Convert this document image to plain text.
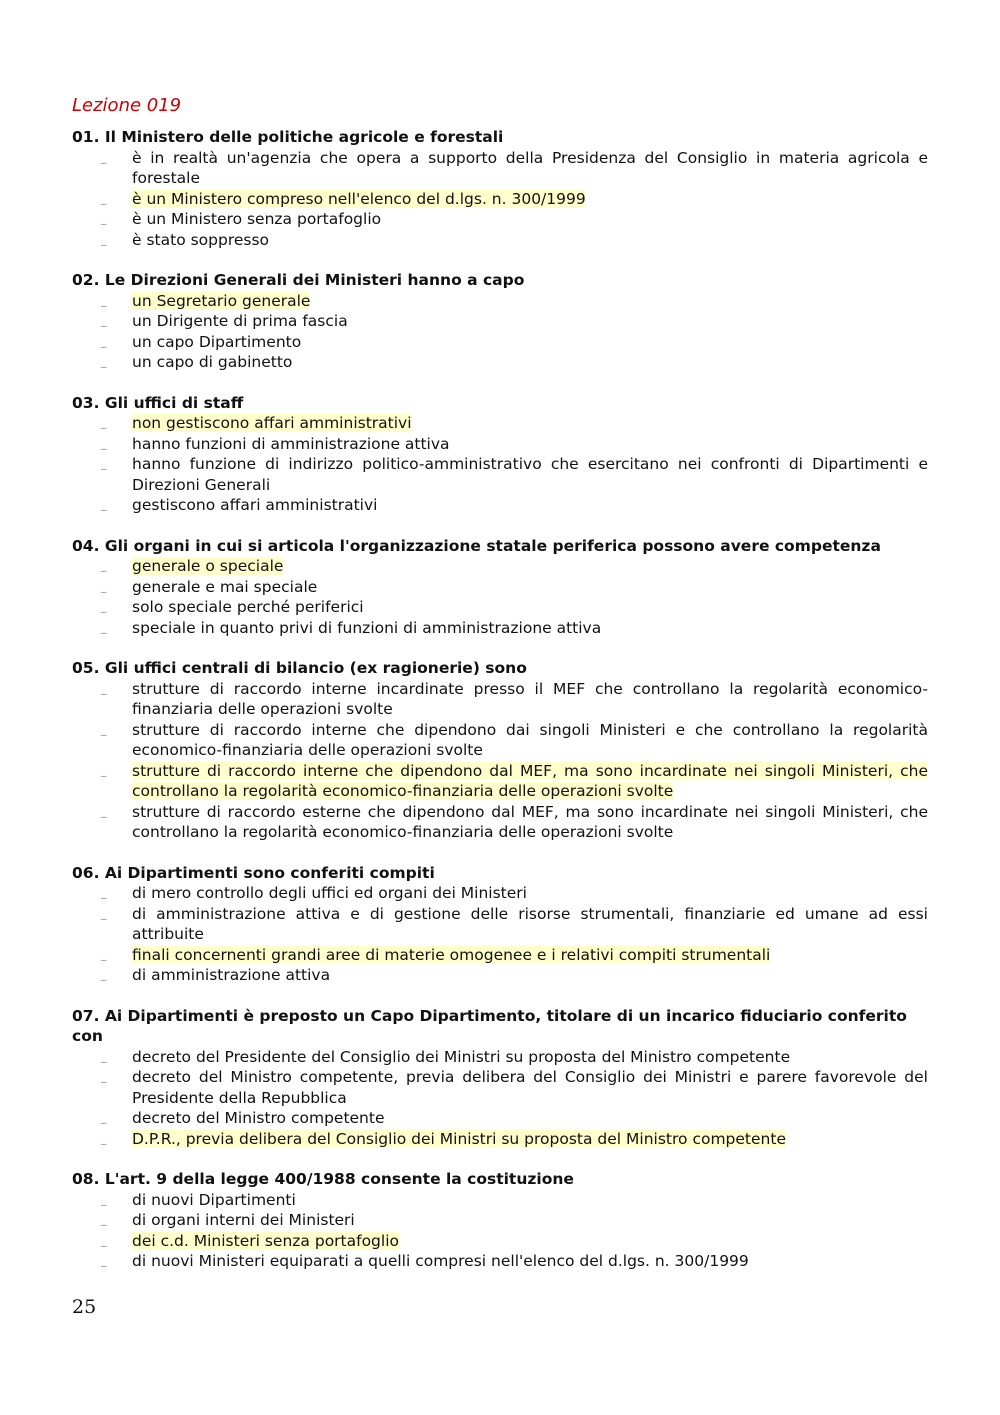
Lezione 019
01. Il Ministero delle politiche agricole e forestali
_ è in realtà un'agenzia che opera a supporto della Presidenza del Consiglio in materia agricola e forestale
_ è un Ministero compreso nell'elenco del d.lgs. n. 300/1999
_ è un Ministero senza portafoglio
_ è stato soppresso
02. Le Direzioni Generali dei Ministeri hanno a capo
_ un Segretario generale
_ un Dirigente di prima fascia
_ un capo Dipartimento
_ un capo di gabinetto
03. Gli uffici di staff
_ non gestiscono affari amministrativi
_ hanno funzioni di amministrazione attiva
_ hanno funzione di indirizzo politico-amministrativo che esercitano nei confronti di Dipartimenti e Direzioni Generali
_ gestiscono affari amministrativi
04. Gli organi in cui si articola l'organizzazione statale periferica possono avere competenza
_ generale o speciale
_ generale e mai speciale
_ solo speciale perché periferici
_ speciale in quanto privi di funzioni di amministrazione attiva
05. Gli uffici centrali di bilancio (ex ragionerie) sono
_ strutture di raccordo interne incardinate presso il MEF che controllano la regolarità economico-finanziaria delle operazioni svolte
_ strutture di raccordo interne che dipendono dai singoli Ministeri e che controllano la regolarità economico-finanziaria delle operazioni svolte
_ strutture di raccordo interne che dipendono dal MEF, ma sono incardinate nei singoli Ministeri, che controllano la regolarità economico-finanziaria delle operazioni svolte
_ strutture di raccordo esterne che dipendono dal MEF, ma sono incardinate nei singoli Ministeri, che controllano la regolarità economico-finanziaria delle operazioni svolte
06. Ai Dipartimenti sono conferiti compiti
_ di mero controllo degli uffici ed organi dei Ministeri
_ di amministrazione attiva e di gestione delle risorse strumentali, finanziarie ed umane ad essi attribuite
_ finali concernenti grandi aree di materie omogenee e i relativi compiti strumentali
_ di amministrazione attiva
07. Ai Dipartimenti è preposto un Capo Dipartimento, titolare di un incarico fiduciario conferito con
_ decreto del Presidente del Consiglio dei Ministri su proposta del Ministro competente
_ decreto del Ministro competente, previa delibera del Consiglio dei Ministri e parere favorevole del Presidente della Repubblica
_ decreto del Ministro competente
_ D.P.R., previa delibera del Consiglio dei Ministri su proposta del Ministro competente
08. L'art. 9 della legge 400/1988 consente la costituzione
_ di nuovi Dipartimenti
_ di organi interni dei Ministeri
_ dei c.d. Ministeri senza portafoglio
_ di nuovi Ministeri equiparati a quelli compresi nell'elenco del d.lgs. n. 300/1999
25
